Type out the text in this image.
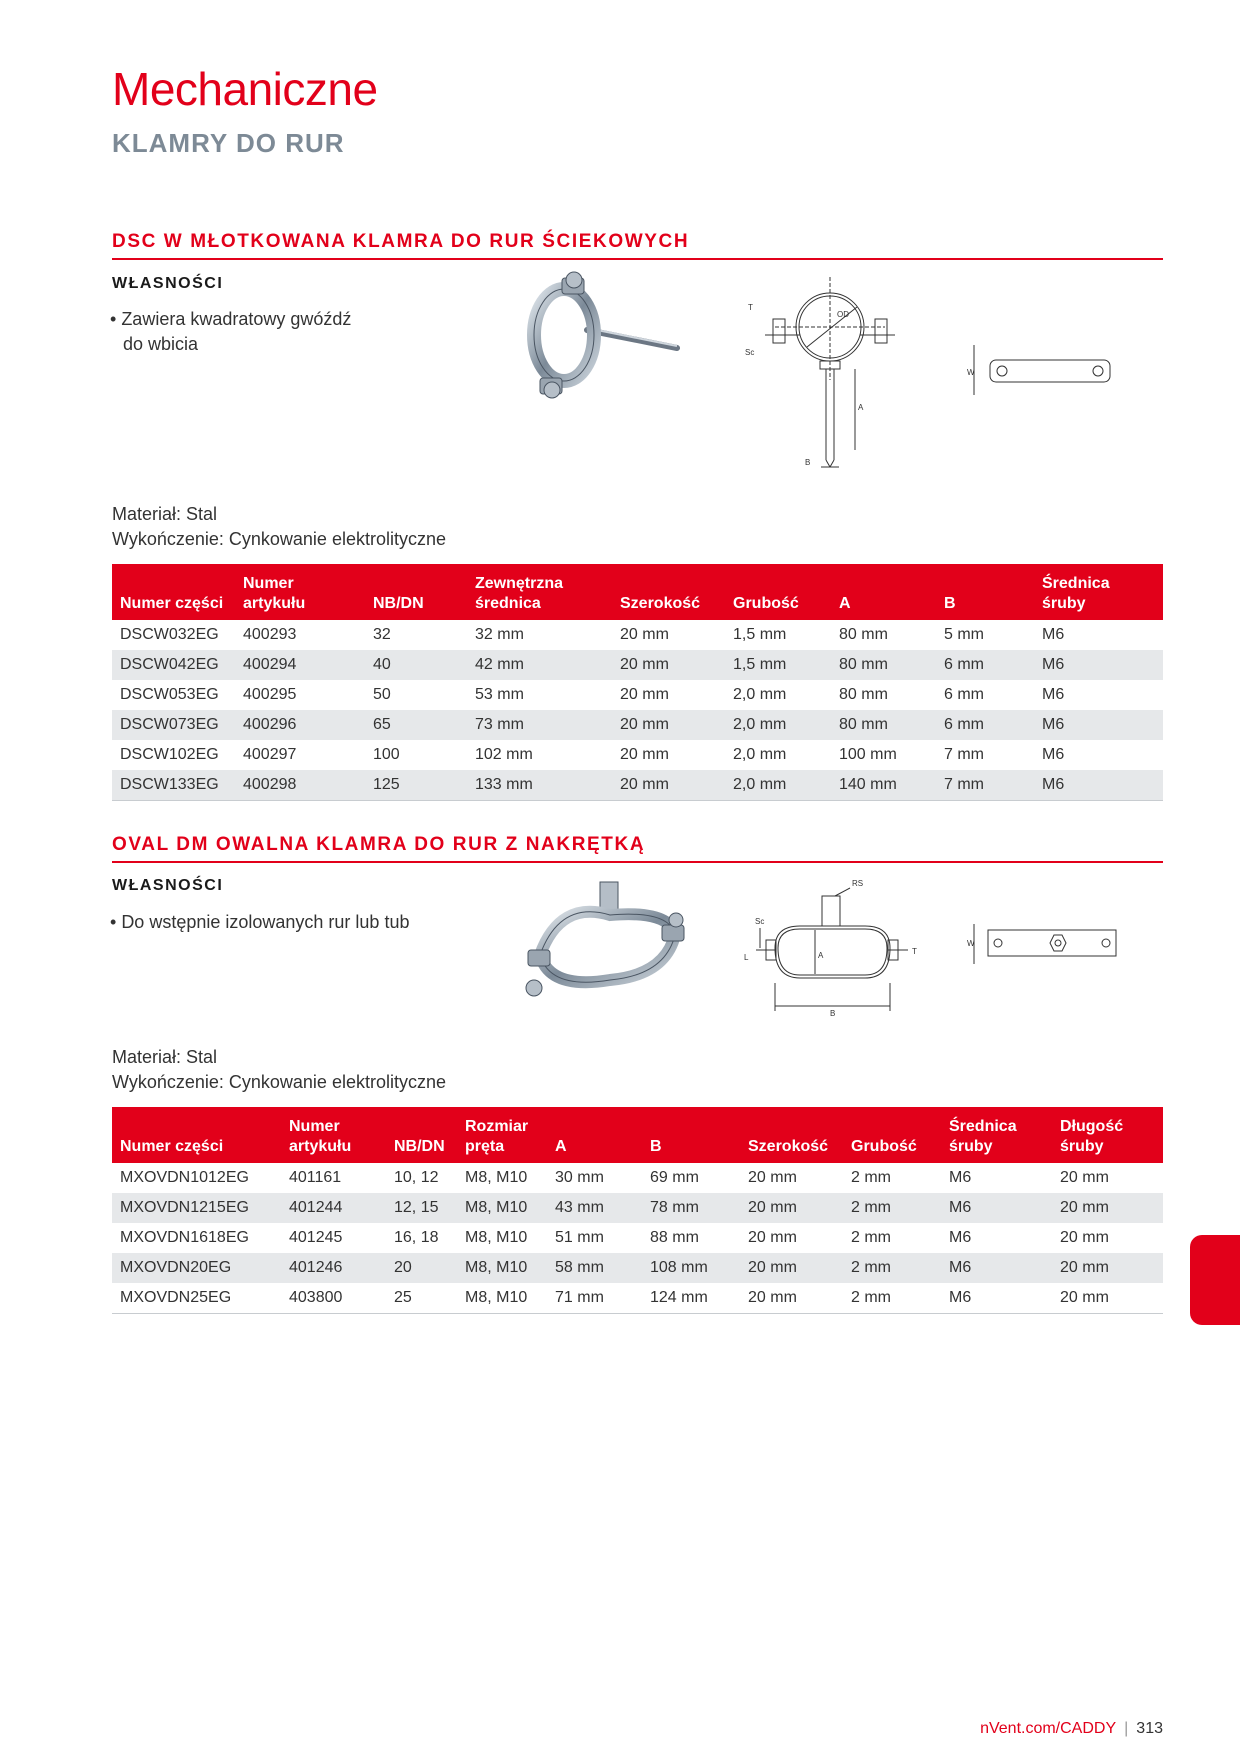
Mechaniczne
KLAMRY DO RUR
DSC W MŁOTKOWANA KLAMRA DO RUR ŚCIEKOWYCH
WŁASNOŚCI
• Zawiera kwadratowy gwóźdź
do wbicia
T
OD
Sc
A
B
W
Materiał: Stal
Wykończenie: Cynkowanie elektrolityczne
Numer części	Numer artykułu	NB/DN	Zewnętrzna średnica	Szerokość	Grubość	A	B	Średnica śruby
DSCW032EG	400293	32	32 mm	20 mm	1,5 mm	80 mm	5 mm	M6
DSCW042EG	400294	40	42 mm	20 mm	1,5 mm	80 mm	6 mm	M6
DSCW053EG	400295	50	53 mm	20 mm	2,0 mm	80 mm	6 mm	M6
DSCW073EG	400296	65	73 mm	20 mm	2,0 mm	80 mm	6 mm	M6
DSCW102EG	400297	100	102 mm	20 mm	2,0 mm	100 mm	7 mm	M6
DSCW133EG	400298	125	133 mm	20 mm	2,0 mm	140 mm	7 mm	M6
OVAL DM OWALNA KLAMRA DO RUR Z NAKRĘTKĄ
WŁASNOŚCI
• Do wstępnie izolowanych rur lub tub
RS
Sc
L	A	T
B
W
Materiał: Stal
Wykończenie: Cynkowanie elektrolityczne
Numer części	Numer artykułu	NB/DN	Rozmiar pręta	A	B	Szerokość	Grubość	Średnica śruby	Długość śruby
MXOVDN1012EG	401161	10, 12	M8, M10	30 mm	69 mm	20 mm	2 mm	M6	20 mm
MXOVDN1215EG	401244	12, 15	M8, M10	43 mm	78 mm	20 mm	2 mm	M6	20 mm
MXOVDN1618EG	401245	16, 18	M8, M10	51 mm	88 mm	20 mm	2 mm	M6	20 mm
MXOVDN20EG	401246	20	M8, M10	58 mm	108 mm	20 mm	2 mm	M6	20 mm
MXOVDN25EG	403800	25	M8, M10	71 mm	124 mm	20 mm	2 mm	M6	20 mm
nVent.com/CADDY | 313
